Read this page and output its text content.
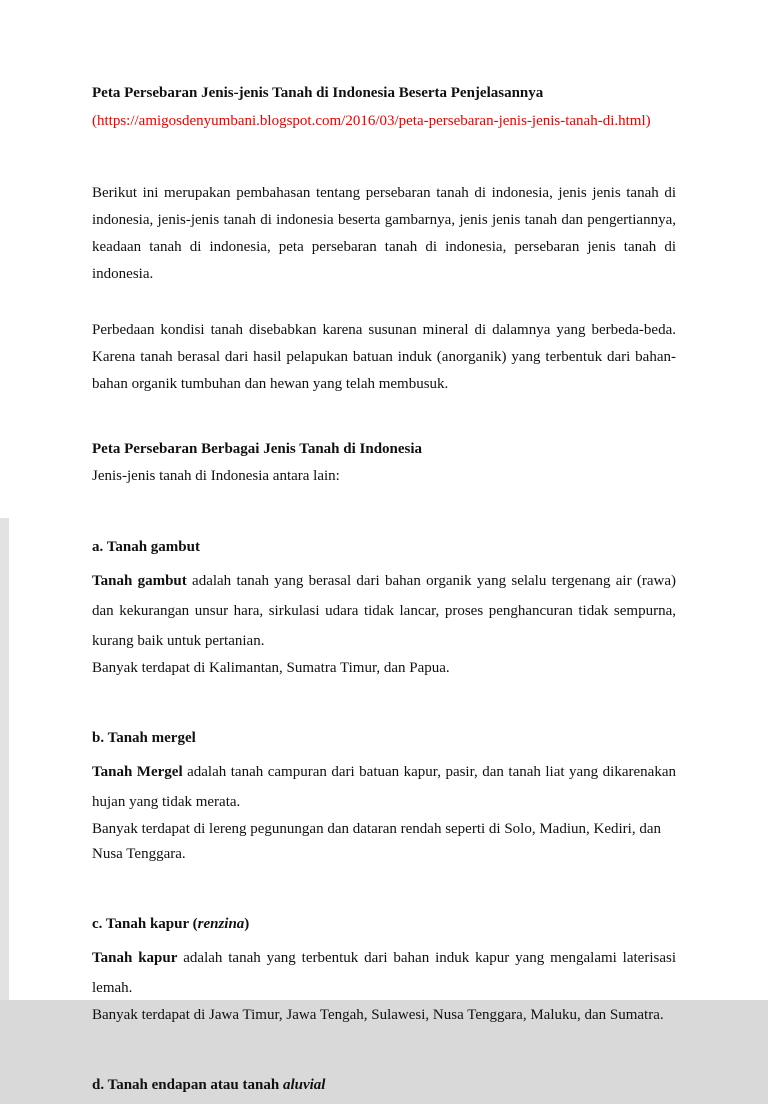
Peta Persebaran Jenis-jenis Tanah di Indonesia Beserta Penjelasannya

(https://amigosdenyumbani.blogspot.com/2016/03/peta-persebaran-jenis-jenis-tanah-di.html)

Berikut ini merupakan pembahasan tentang persebaran tanah di indonesia, jenis jenis tanah di indonesia, jenis-jenis tanah di indonesia beserta gambarnya, jenis jenis tanah dan pengertiannya, keadaan tanah di indonesia, peta persebaran tanah di indonesia, persebaran jenis tanah di indonesia.

Perbedaan kondisi tanah disebabkan karena susunan mineral di dalamnya yang berbeda-beda. Karena tanah berasal dari hasil pelapukan batuan induk (anorganik) yang terbentuk dari bahan-bahan organik tumbuhan dan hewan yang telah membusuk.

Peta Persebaran Berbagai Jenis Tanah di Indonesia

Jenis-jenis tanah di Indonesia antara lain:

a. Tanah gambut

Tanah gambut adalah tanah yang berasal dari bahan organik yang selalu tergenang air (rawa) dan kekurangan unsur hara, sirkulasi udara tidak lancar, proses penghancuran tidak sempurna, kurang baik untuk pertanian.

Banyak terdapat di Kalimantan, Sumatra Timur, dan Papua.

b. Tanah mergel

Tanah Mergel adalah tanah campuran dari batuan kapur, pasir, dan tanah liat yang dikarenakan hujan yang tidak merata.

Banyak terdapat di lereng pegunungan dan dataran rendah seperti di Solo, Madiun, Kediri, dan Nusa Tenggara.

c. Tanah kapur (renzina)

Tanah kapur adalah tanah yang terbentuk dari bahan induk kapur yang mengalami laterisasi lemah.

Banyak terdapat di Jawa Timur, Jawa Tengah, Sulawesi, Nusa Tenggara, Maluku, dan Sumatra.

d. Tanah endapan atau tanah aluvial
